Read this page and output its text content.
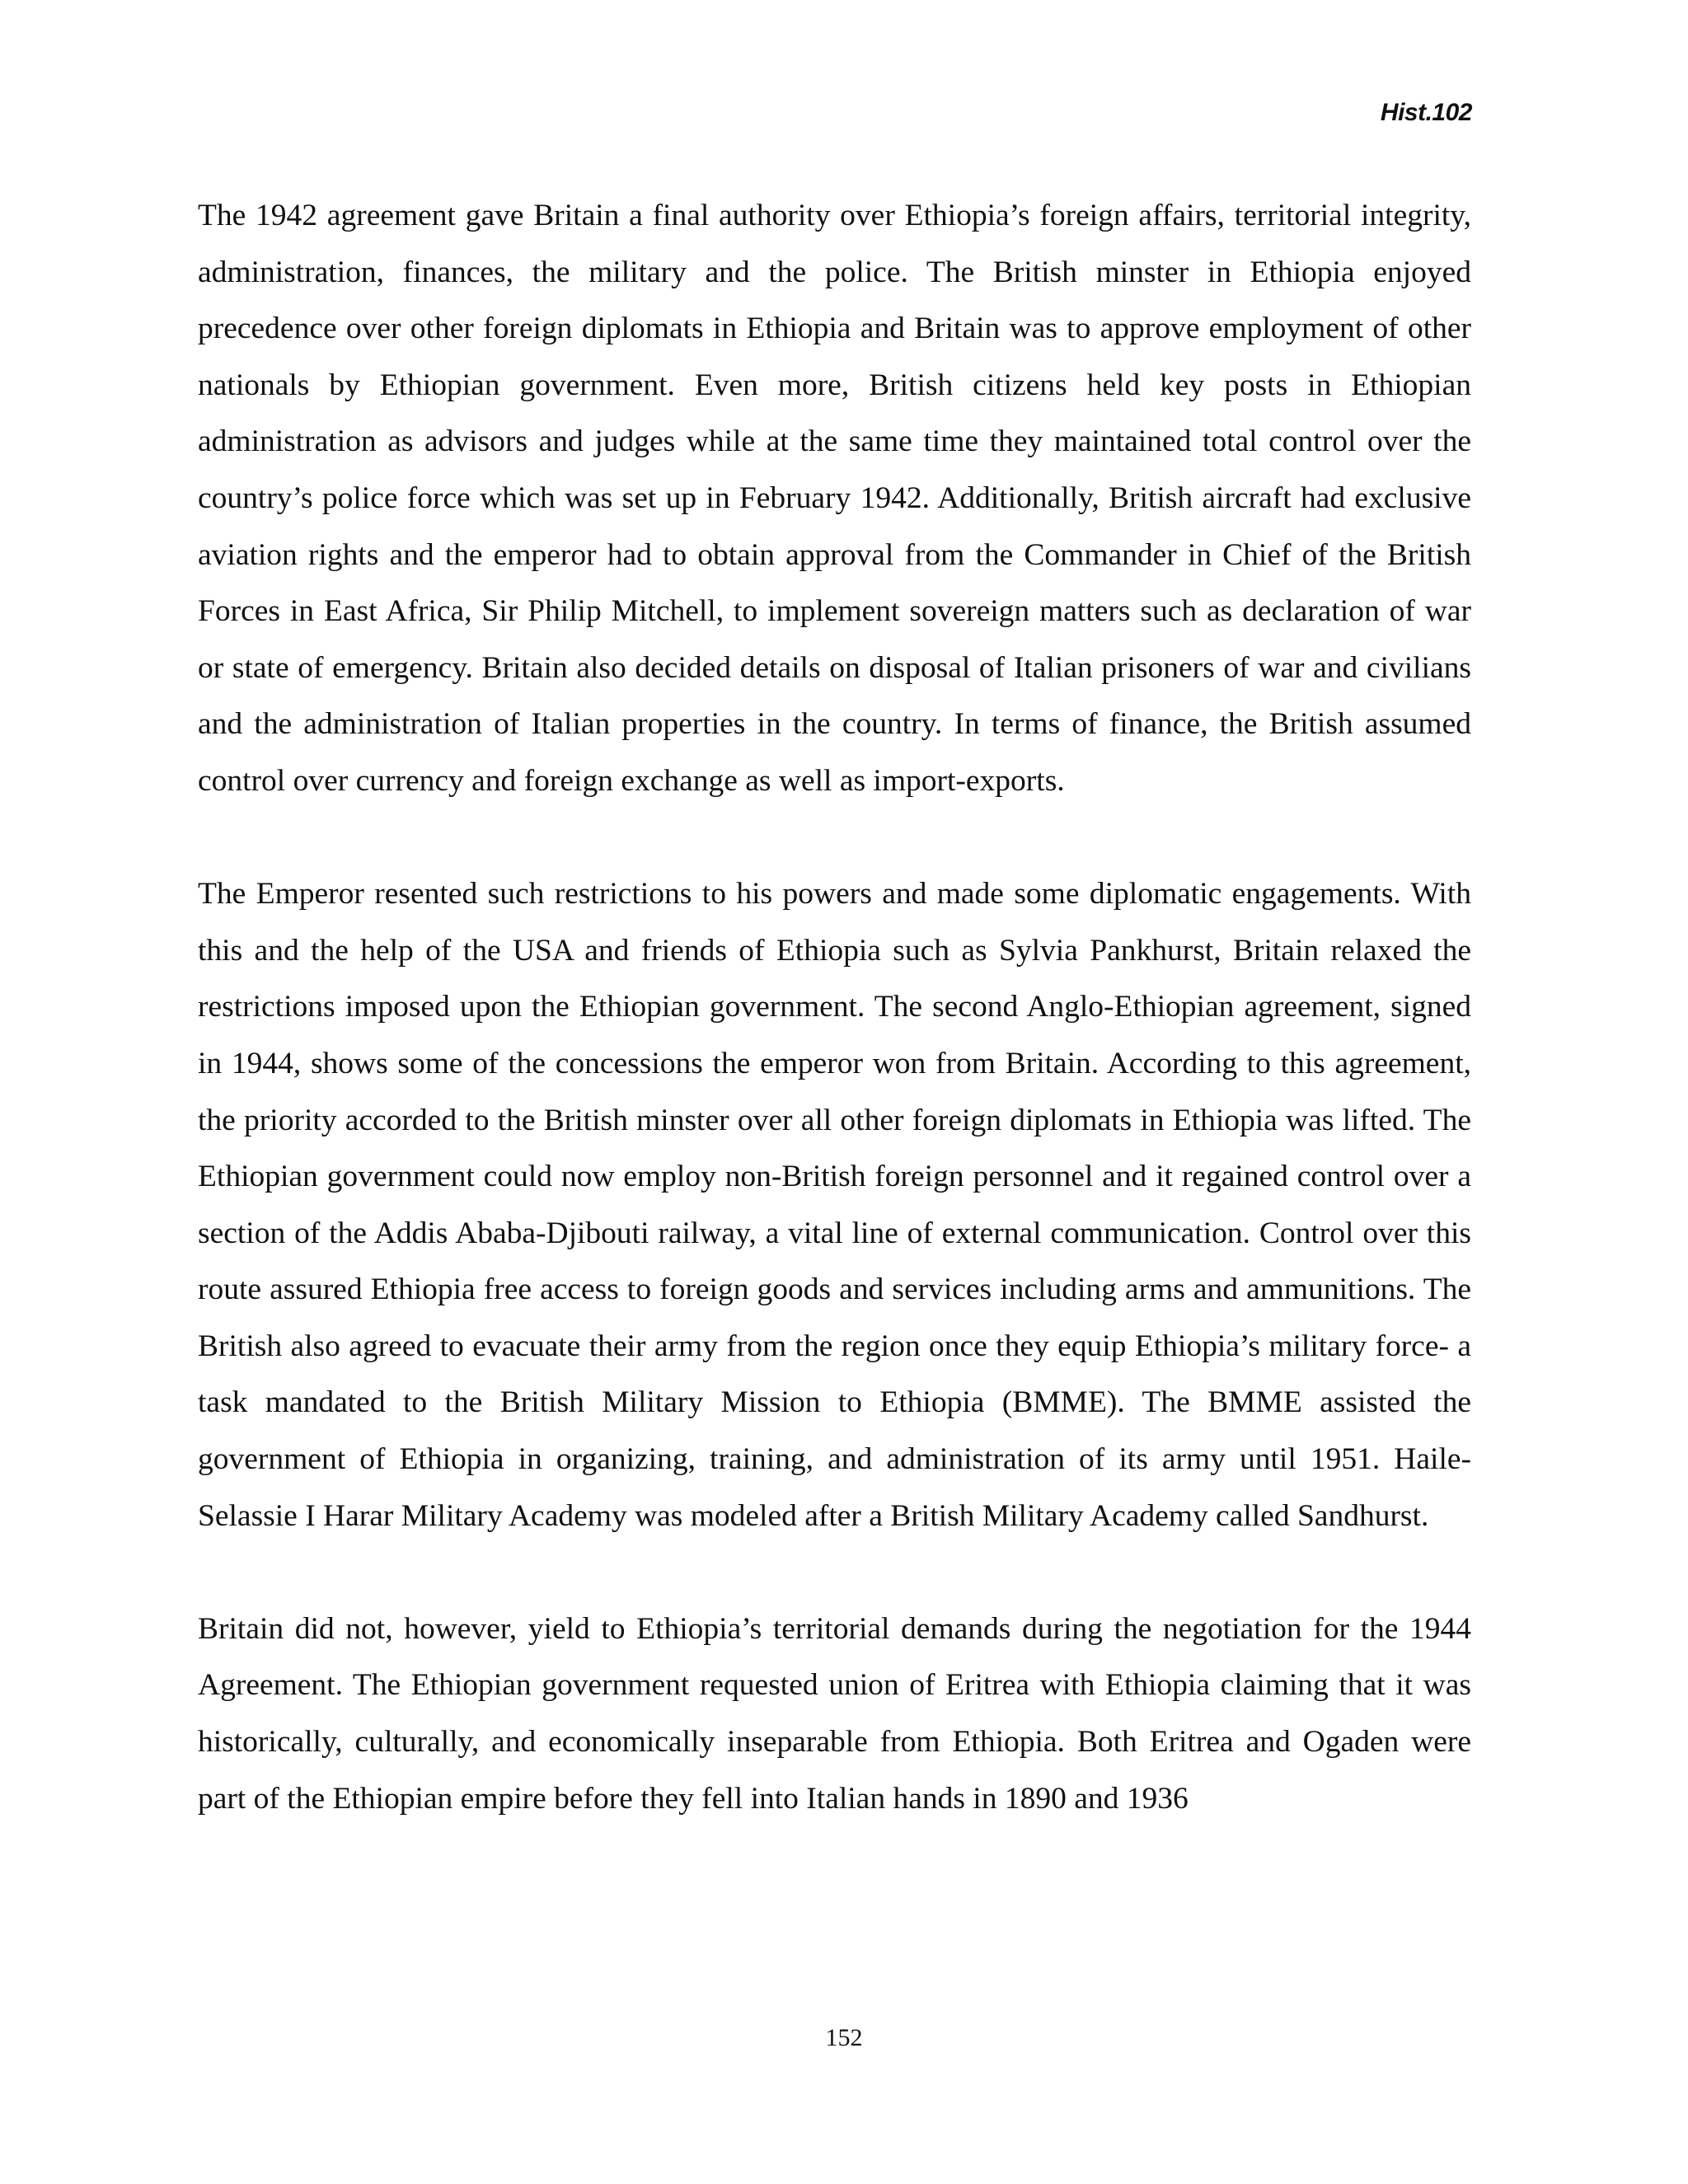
Hist.102

The 1942 agreement gave Britain a final authority over Ethiopia’s foreign affairs, territorial integrity, administration, finances, the military and the police. The British minster in Ethiopia enjoyed precedence over other foreign diplomats in Ethiopia and Britain was to approve employment of other nationals by Ethiopian government. Even more, British citizens held key posts in Ethiopian administration as advisors and judges while at the same time they maintained total control over the country’s police force which was set up in February 1942. Additionally, British aircraft had exclusive aviation rights and the emperor had to obtain approval from the Commander in Chief of the British Forces in East Africa, Sir Philip Mitchell, to implement sovereign matters such as declaration of war or state of emergency. Britain also decided details on disposal of Italian prisoners of war and civilians and the administration of Italian properties in the country. In terms of finance, the British assumed control over currency and foreign exchange as well as import-exports.

The Emperor resented such restrictions to his powers and made some diplomatic engagements. With this and the help of the USA and friends of Ethiopia such as Sylvia Pankhurst, Britain relaxed the restrictions imposed upon the Ethiopian government. The second Anglo-Ethiopian agreement, signed in 1944, shows some of the concessions the emperor won from Britain. According to this agreement, the priority accorded to the British minster over all other foreign diplomats in Ethiopia was lifted. The Ethiopian government could now employ non-British foreign personnel and it regained control over a section of the Addis Ababa-Djibouti railway, a vital line of external communication. Control over this route assured Ethiopia free access to foreign goods and services including arms and ammunitions. The British also agreed to evacuate their army from the region once they equip Ethiopia’s military force- a task mandated to the British Military Mission to Ethiopia (BMME). The BMME assisted the government of Ethiopia in organizing, training, and administration of its army until 1951. Haile-Selassie I Harar Military Academy was modeled after a British Military Academy called Sandhurst.

Britain did not, however, yield to Ethiopia’s territorial demands during the negotiation for the 1944 Agreement. The Ethiopian government requested union of Eritrea with Ethiopia claiming that it was historically, culturally, and economically inseparable from Ethiopia. Both Eritrea and Ogaden were part of the Ethiopian empire before they fell into Italian hands in 1890 and 1936

152
